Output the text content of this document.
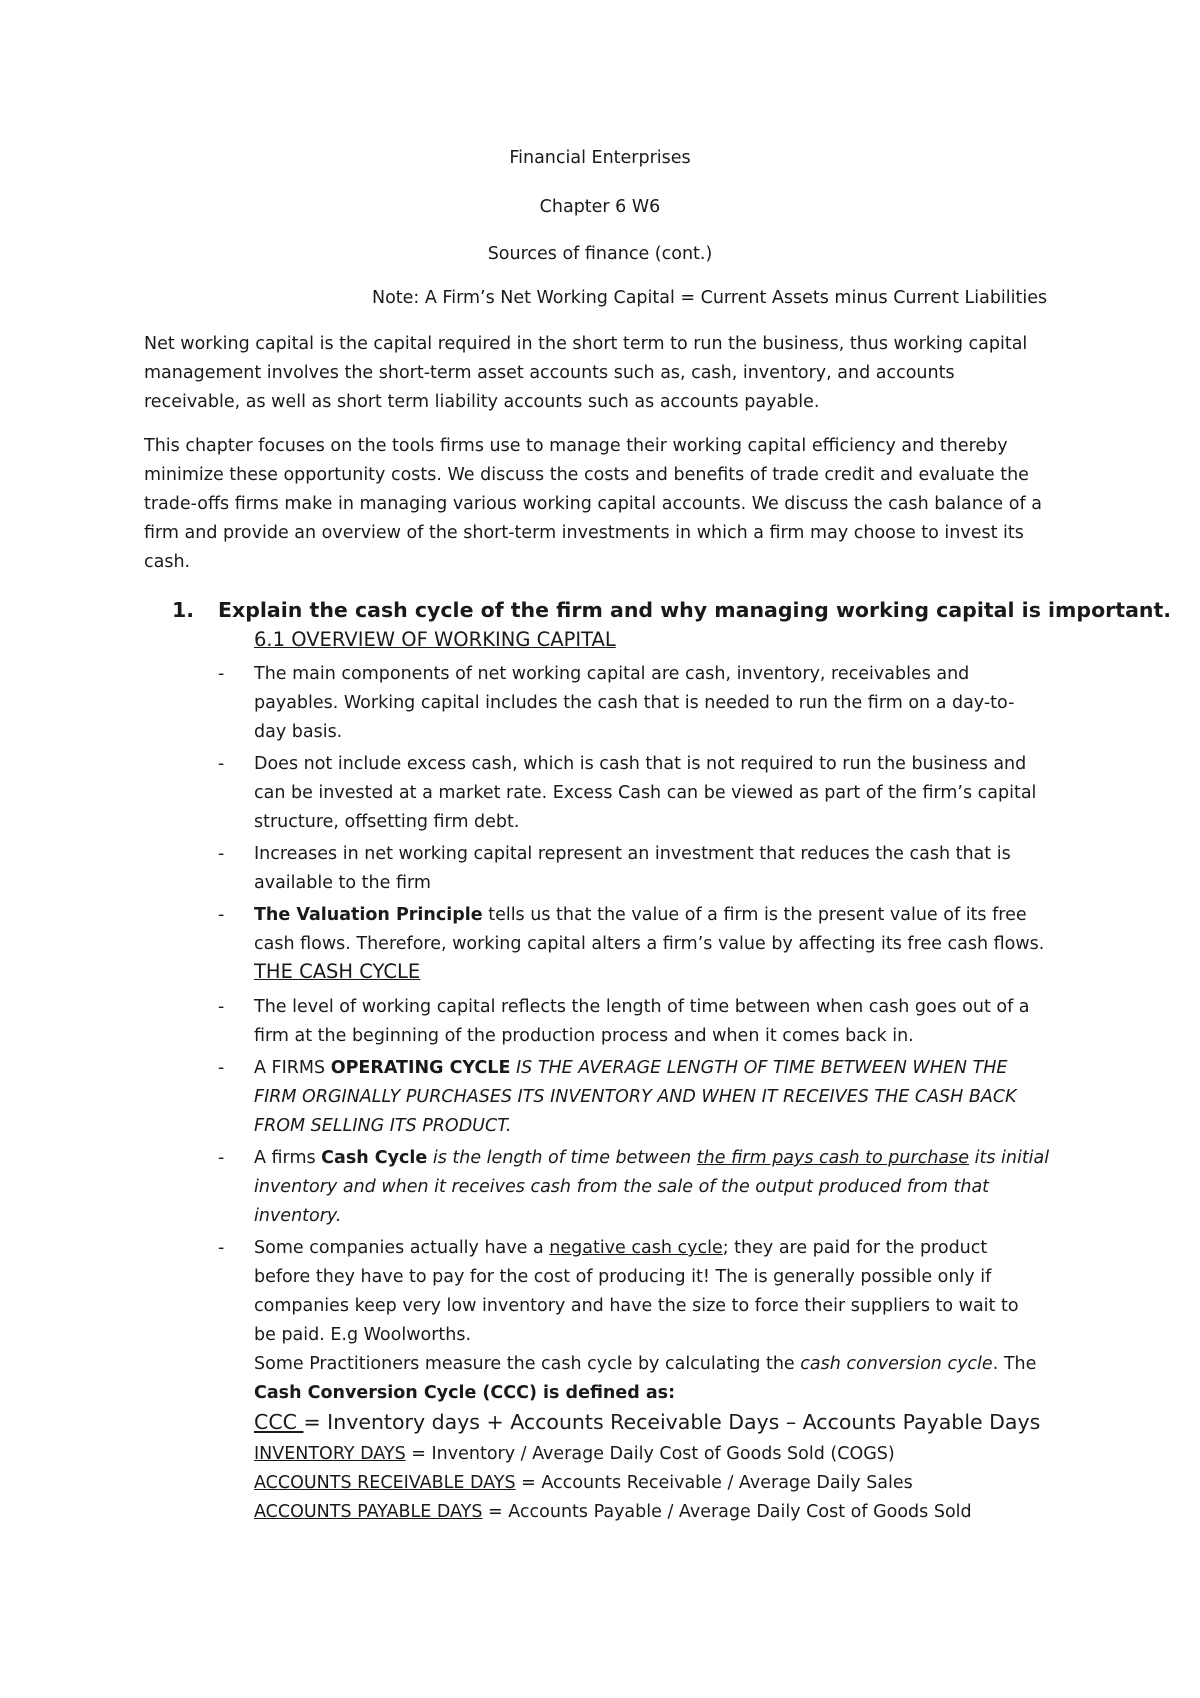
Financial Enterprises
Chapter 6 W6
Sources of finance (cont.)
Note: A Firm’s Net Working Capital = Current Assets minus Current Liabilities
Net working capital is the capital required in the short term to run the business, thus working capital
management involves the short-term asset accounts such as, cash, inventory, and accounts
receivable, as well as short term liability accounts such as accounts payable.
This chapter focuses on the tools firms use to manage their working capital efficiency and thereby
minimize these opportunity costs. We discuss the costs and benefits of trade credit and evaluate the
trade-offs firms make in managing various working capital accounts. We discuss the cash balance of a
firm and provide an overview of the short-term investments in which a firm may choose to invest its
cash.
1. Explain the cash cycle of the firm and why managing working capital is important.
6.1 OVERVIEW OF WORKING CAPITAL
- The main components of net working capital are cash, inventory, receivables and
payables. Working capital includes the cash that is needed to run the firm on a day-to-
day basis.
- Does not include excess cash, which is cash that is not required to run the business and
can be invested at a market rate. Excess Cash can be viewed as part of the firm’s capital
structure, offsetting firm debt.
- Increases in net working capital represent an investment that reduces the cash that is
available to the firm
- The Valuation Principle tells us that the value of a firm is the present value of its free
cash flows. Therefore, working capital alters a firm’s value by affecting its free cash flows.
THE CASH CYCLE
- The level of working capital reflects the length of time between when cash goes out of a
firm at the beginning of the production process and when it comes back in.
- A FIRMS OPERATING CYCLE IS THE AVERAGE LENGTH OF TIME BETWEEN WHEN THE
FIRM ORGINALLY PURCHASES ITS INVENTORY AND WHEN IT RECEIVES THE CASH BACK
FROM SELLING ITS PRODUCT.
- A firms Cash Cycle is the length of time between the firm pays cash to purchase its initial
inventory and when it receives cash from the sale of the output produced from that
inventory.
- Some companies actually have a negative cash cycle; they are paid for the product
before they have to pay for the cost of producing it! The is generally possible only if
companies keep very low inventory and have the size to force their suppliers to wait to
be paid. E.g Woolworths.
Some Practitioners measure the cash cycle by calculating the cash conversion cycle. The
Cash Conversion Cycle (CCC) is defined as:
CCC = Inventory days + Accounts Receivable Days – Accounts Payable Days
INVENTORY DAYS = Inventory / Average Daily Cost of Goods Sold (COGS)
ACCOUNTS RECEIVABLE DAYS = Accounts Receivable / Average Daily Sales
ACCOUNTS PAYABLE DAYS = Accounts Payable / Average Daily Cost of Goods Sold
